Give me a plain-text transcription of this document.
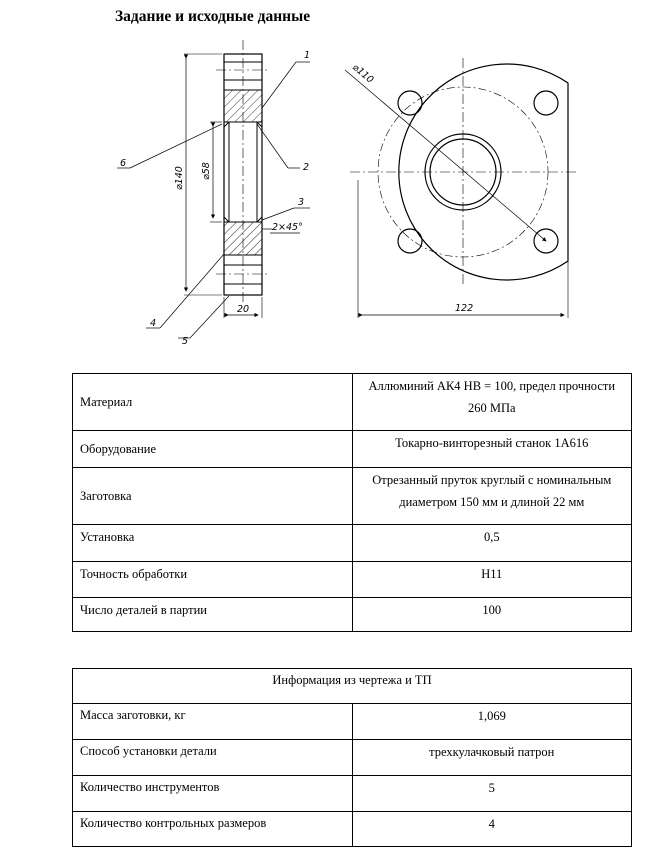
Задание и исходные данные
⌀140 ⌀58
20
2×45°
1
2
3
4
5
6
⌀110
122
Материал	Аллюминий АК4 НВ = 100, предел прочности
260 МПа

Оборудование	Токарно-винторезный станок 1А616

Заготовка	Отрезанный пруток круглый с номинальным
диаметром 150 мм и длиной 22 мм

Установка	0,5

Точность обработки	Н11

Число деталей в партии	100
Информация из чертежа и ТП	
Масса заготовки, кг	1,069
Способ установки детали	трехкулачковый патрон
Количество инструментов	5
Количество контрольных размеров	4
